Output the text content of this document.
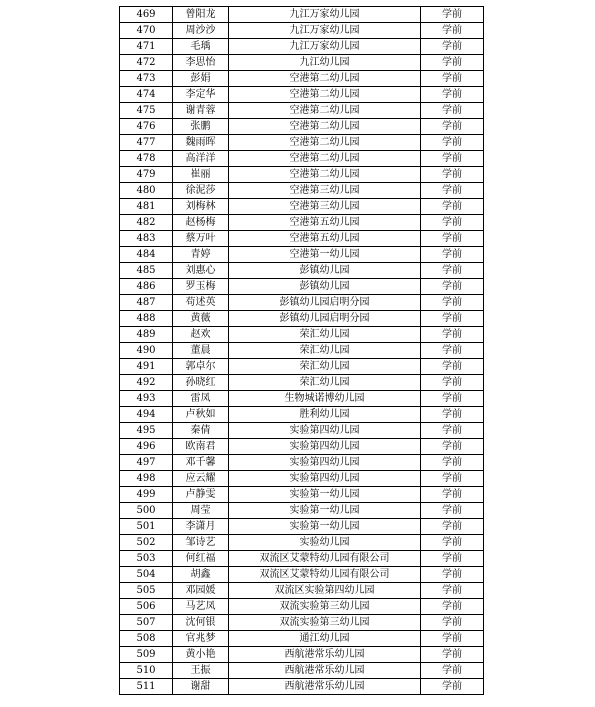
469	曾阳龙	九江万家幼儿园	学前
470	周沙沙	九江万家幼儿园	学前
471	毛瑀	九江万家幼儿园	学前
472	李思怡	九江幼儿园	学前
473	彭娟	空港第二幼儿园	学前
474	李定华	空港第二幼儿园	学前
475	谢青蓉	空港第二幼儿园	学前
476	张鹏	空港第二幼儿园	学前
477	魏雨晖	空港第二幼儿园	学前
478	高洋洋	空港第二幼儿园	学前
479	崔丽	空港第二幼儿园	学前
480	徐泥莎	空港第三幼儿园	学前
481	刘梅林	空港第三幼儿园	学前
482	赵杨梅	空港第五幼儿园	学前
483	蔡万叶	空港第五幼儿园	学前
484	青婷	空港第一幼儿园	学前
485	刘惠心	彭镇幼儿园	学前
486	罗玉梅	彭镇幼儿园	学前
487	苟述英	彭镇幼儿园启明分园	学前
488	黄薇	彭镇幼儿园启明分园	学前
489	赵欢	荣汇幼儿园	学前
490	董晨	荣汇幼儿园	学前
491	郭卓尔	荣汇幼儿园	学前
492	孙晓红	荣汇幼儿园	学前
493	雷凤	生物城诺博幼儿园	学前
494	卢秋如	胜利幼儿园	学前
495	秦倩	实验第四幼儿园	学前
496	欧南君	实验第四幼儿园	学前
497	邓千馨	实验第四幼儿园	学前
498	应云耀	实验第四幼儿园	学前
499	卢静雯	实验第一幼儿园	学前
500	周莹	实验第一幼儿园	学前
501	李潇月	实验第一幼儿园	学前
502	邹诗艺	实验幼儿园	学前
503	何红福	双流区艾蒙特幼儿园有限公司	学前
504	胡鑫	双流区艾蒙特幼儿园有限公司	学前
505	邓园媛	双流区实验第四幼儿园	学前
506	马艺凤	双流实验第三幼儿园	学前
507	沈何银	双流实验第三幼儿园	学前
508	官兆梦	通江幼儿园	学前
509	黄小艳	西航港常乐幼儿园	学前
510	王振	西航港常乐幼儿园	学前
511	谢甜	西航港常乐幼儿园	学前
